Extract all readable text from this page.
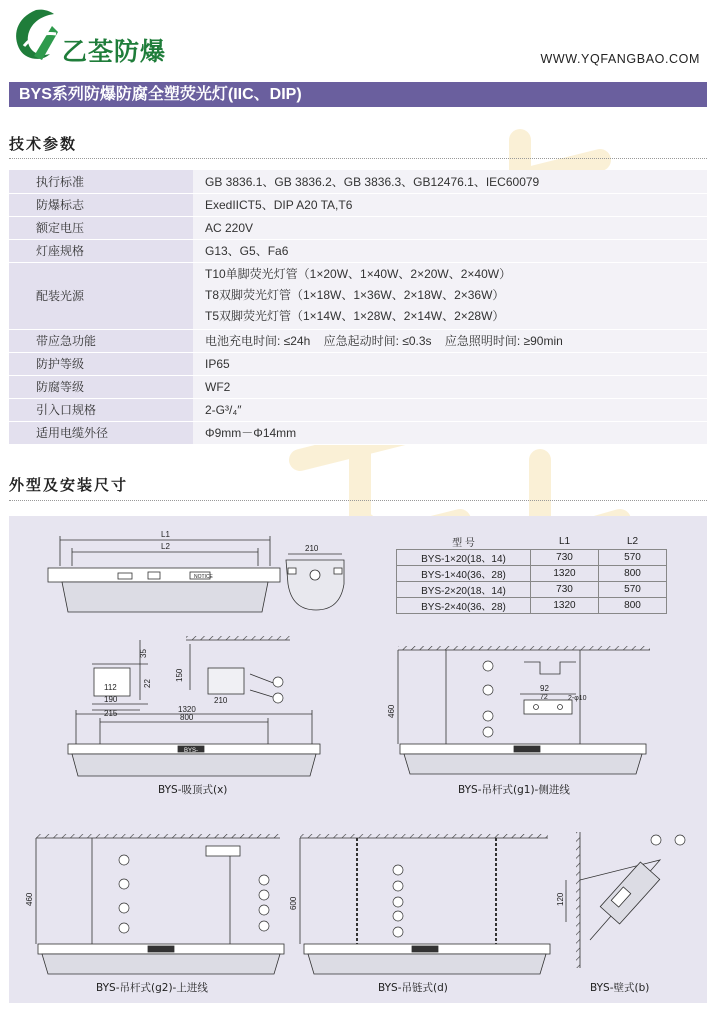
乙荃防爆	WWW.YQFANGBAO.COM
BYS系列防爆防腐全塑荧光灯(IIC、DIP)
技术参数
执行标准	GB 3836.1、GB 3836.2、GB 3836.3、GB12476.1、IEC60079
防爆标志	ExedIICT5、DIP A20 TA,T6
额定电压	AC 220V
灯座规格	G13、G5、Fa6
配装光源	T10单脚荧光灯管（1×20W、1×40W、2×20W、2×40W）
T8双脚荧光灯管（1×18W、1×36W、2×18W、2×36W）
T5双脚荧光灯管（1×14W、1×28W、2×14W、2×28W）

带应急功能	电池充电时间: ≤24h    应急起动时间: ≤0.3s    应急照明时间: ≥90min
防护等级	IP65
防腐等级	WF2
引入口规格	2-G³/₄″
适用电缆外径	Φ9mm－Φ14mm
外型及安装尺寸
型 号	L1	L2
BYS-1×20(18、14)	730	570
BYS-1×40(36、28)	1320	800
BYS-2×20(18、14)	730	570
BYS-2×40(36、28)	1320	800
L1
L2	210
NOTICE
1320
800
215
190
112
210
150
35
22
BYS-
460
92
72	2-φ10
460	600	120
BYS-吸顶式(x)	BYS-吊杆式(g1)-侧进线
BYS-吊杆式(g2)-上进线	BYS-吊链式(d)	BYS-壁式(b)
